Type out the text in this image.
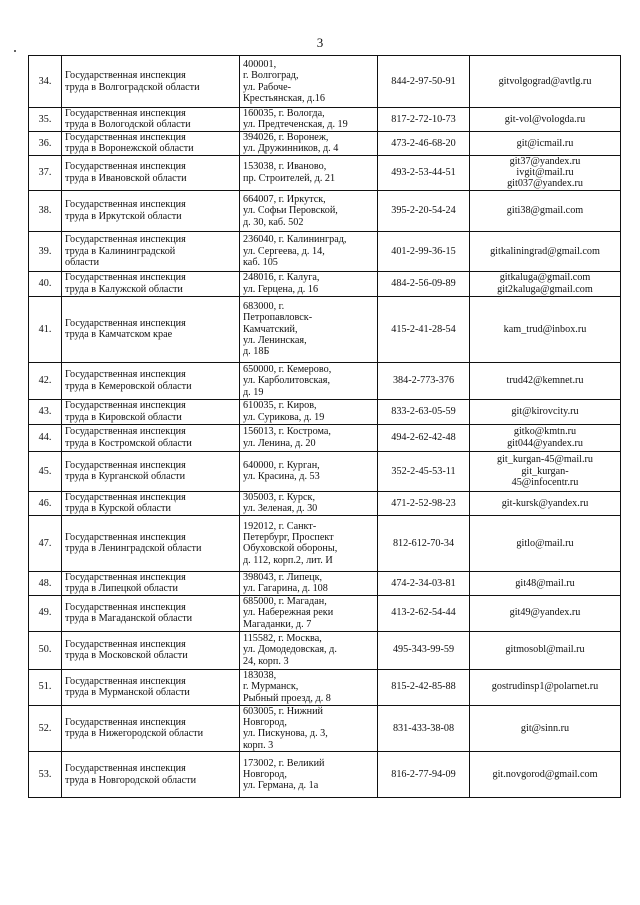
3
34.	Государственная инспекция
труда в Волгоградской области	400001,
г. Волгоград,
ул. Рабоче-
Крестьянская, д.16	844-2-97-50-91	gitvolgograd@avtlg.ru

35.	Государственная инспекция
труда в Вологодской области	160035, г. Вологда,
ул. Предтеченская, д. 19	817-2-72-10-73	git-vol@vologda.ru

36.	Государственная инспекция
труда в Воронежской области	394026, г. Воронеж,
ул. Дружинников, д. 4	473-2-46-68-20	git@icmail.ru

37.	Государственная инспекция
труда в Ивановской области	153038, г. Иваново,
пр. Строителей, д. 21	493-2-53-44-51	git37@yandex.ru
ivgit@mail.ru
git037@yandex.ru

38.	Государственная инспекция
труда в Иркутской области	664007, г. Иркутск,
ул. Софьи Перовской,
д. 30, каб. 502	395-2-20-54-24	giti38@gmail.com

39.	Государственная инспекция
труда в Калининградской
области	236040, г. Калининград,
ул. Сергеева, д. 14,
каб. 105	401-2-99-36-15	gitkaliningrad@gmail.com

40.	Государственная инспекция
труда в Калужской области	248016, г. Калуга,
ул. Герцена, д. 16	484-2-56-09-89	gitkaluga@gmail.com
git2kaluga@gmail.com

41.	Государственная инспекция
труда в Камчатском крае	683000, г.
Петропавловск-
Камчатский,
ул. Ленинская,
д. 18Б	415-2-41-28-54	kam_trud@inbox.ru

42.	Государственная инспекция
труда в Кемеровской области	650000, г. Кемерово,
ул. Карболитовская,
д. 19	384-2-773-376	trud42@kemnet.ru

43.	Государственная инспекция
труда в Кировской области	610035, г. Киров,
ул. Сурикова, д. 19	833-2-63-05-59	git@kirovcity.ru

44.	Государственная инспекция
труда в Костромской области	156013, г. Кострома,
ул. Ленина, д. 20	494-2-62-42-48	gitko@kmtn.ru
git044@yandex.ru

45.	Государственная инспекция
труда в Курганской области	640000, г. Курган,
ул. Красина, д. 53	352-2-45-53-11	git_kurgan-45@mail.ru
git_kurgan-
45@infocentr.ru

46.	Государственная инспекция
труда в Курской области	305003, г. Курск,
ул. Зеленая, д. 30	471-2-52-98-23	git-kursk@yandex.ru

47.	Государственная инспекция
труда в Ленинградской области	192012, г. Санкт-
Петербург, Проспект
Обуховской обороны,
д. 112, корп.2, лит. И	812-612-70-34	gitlo@mail.ru

48.	Государственная инспекция
труда в Липецкой области	398043, г. Липецк,
ул. Гагарина, д. 108	474-2-34-03-81	git48@mail.ru

49.	Государственная инспекция
труда в Магаданской области	685000, г. Магадан,
ул. Набережная реки
Магаданки, д. 7	413-2-62-54-44	git49@yandex.ru

50.	Государственная инспекция
труда в Московской области	115582, г. Москва,
ул. Домодедовская, д.
24, корп. 3	495-343-99-59	gitmosobl@mail.ru

51.	Государственная инспекция
труда в Мурманской области	183038,
г. Мурманск,
Рыбный проезд, д. 8	815-2-42-85-88	gostrudinsp1@polarnet.ru

52.	Государственная инспекция
труда в Нижегородской области	603005, г. Нижний
Новгород,
ул. Пискунова, д. 3,
корп. 3	831-433-38-08	git@sinn.ru

53.	Государственная инспекция
труда в Новгородской области	173002, г. Великий
Новгород,
ул. Германа, д. 1а	816-2-77-94-09	git.novgorod@gmail.com
